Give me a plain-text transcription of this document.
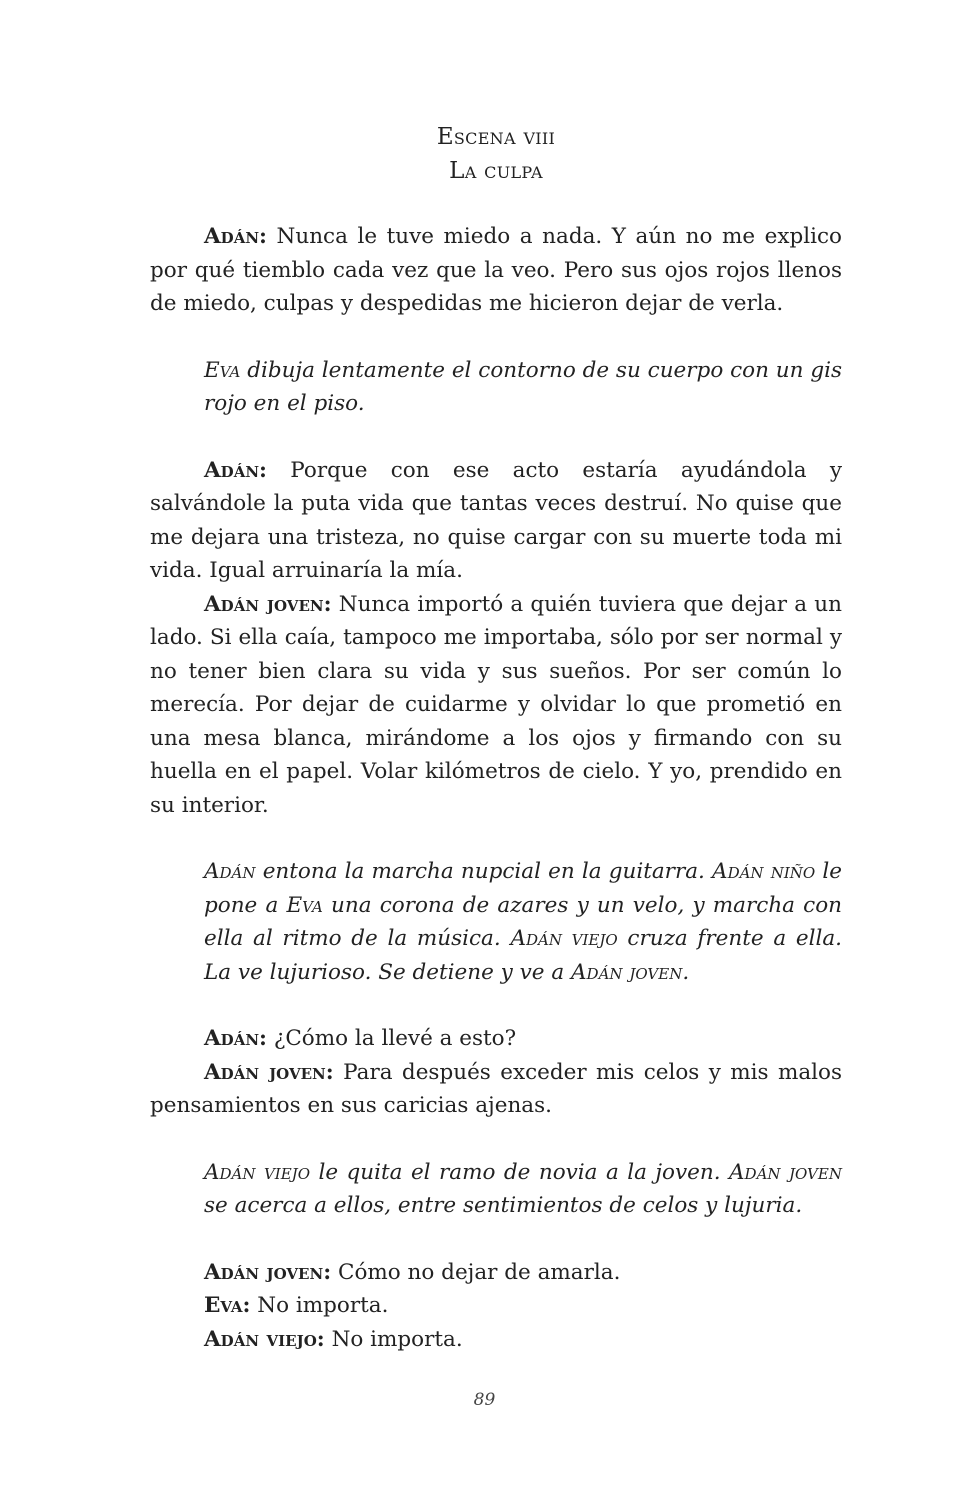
Escena viii

La culpa

Adán: Nunca le tuve miedo a nada. Y aún no me explico por qué tiemblo cada vez que la veo. Pero sus ojos rojos llenos de miedo, culpas y despedidas me hicieron dejar de verla.

Eva dibuja lentamente el contorno de su cuerpo con un gis rojo en el piso.

Adán: Porque con ese acto estaría ayudándola y salvándole la puta vida que tantas veces destruí. No quise que me dejara una tristeza, no quise cargar con su muerte toda mi vida. Igual arruinaría la mía.

Adán joven: Nunca importó a quién tuviera que dejar a un lado. Si ella caía, tampoco me importaba, sólo por ser normal y no tener bien clara su vida y sus sueños. Por ser común lo merecía. Por dejar de cuidarme y olvidar lo que prometió en una mesa blanca, mirándome a los ojos y firmando con su huella en el papel. Volar kilómetros de cielo. Y yo, prendido en su interior.

Adán entona la marcha nupcial en la guitarra. Adán niño le pone a Eva una corona de azares y un velo, y marcha con ella al ritmo de la música. Adán viejo cruza frente a ella. La ve lujurioso. Se detiene y ve a Adán joven.

Adán: ¿Cómo la llevé a esto?

Adán joven: Para después exceder mis celos y mis malos pensamientos en sus caricias ajenas.

Adán viejo le quita el ramo de novia a la joven. Adán joven se acerca a ellos, entre sentimientos de celos y lujuria.

Adán joven: Cómo no dejar de amarla.

Eva: No importa.

Adán viejo: No importa.

89
